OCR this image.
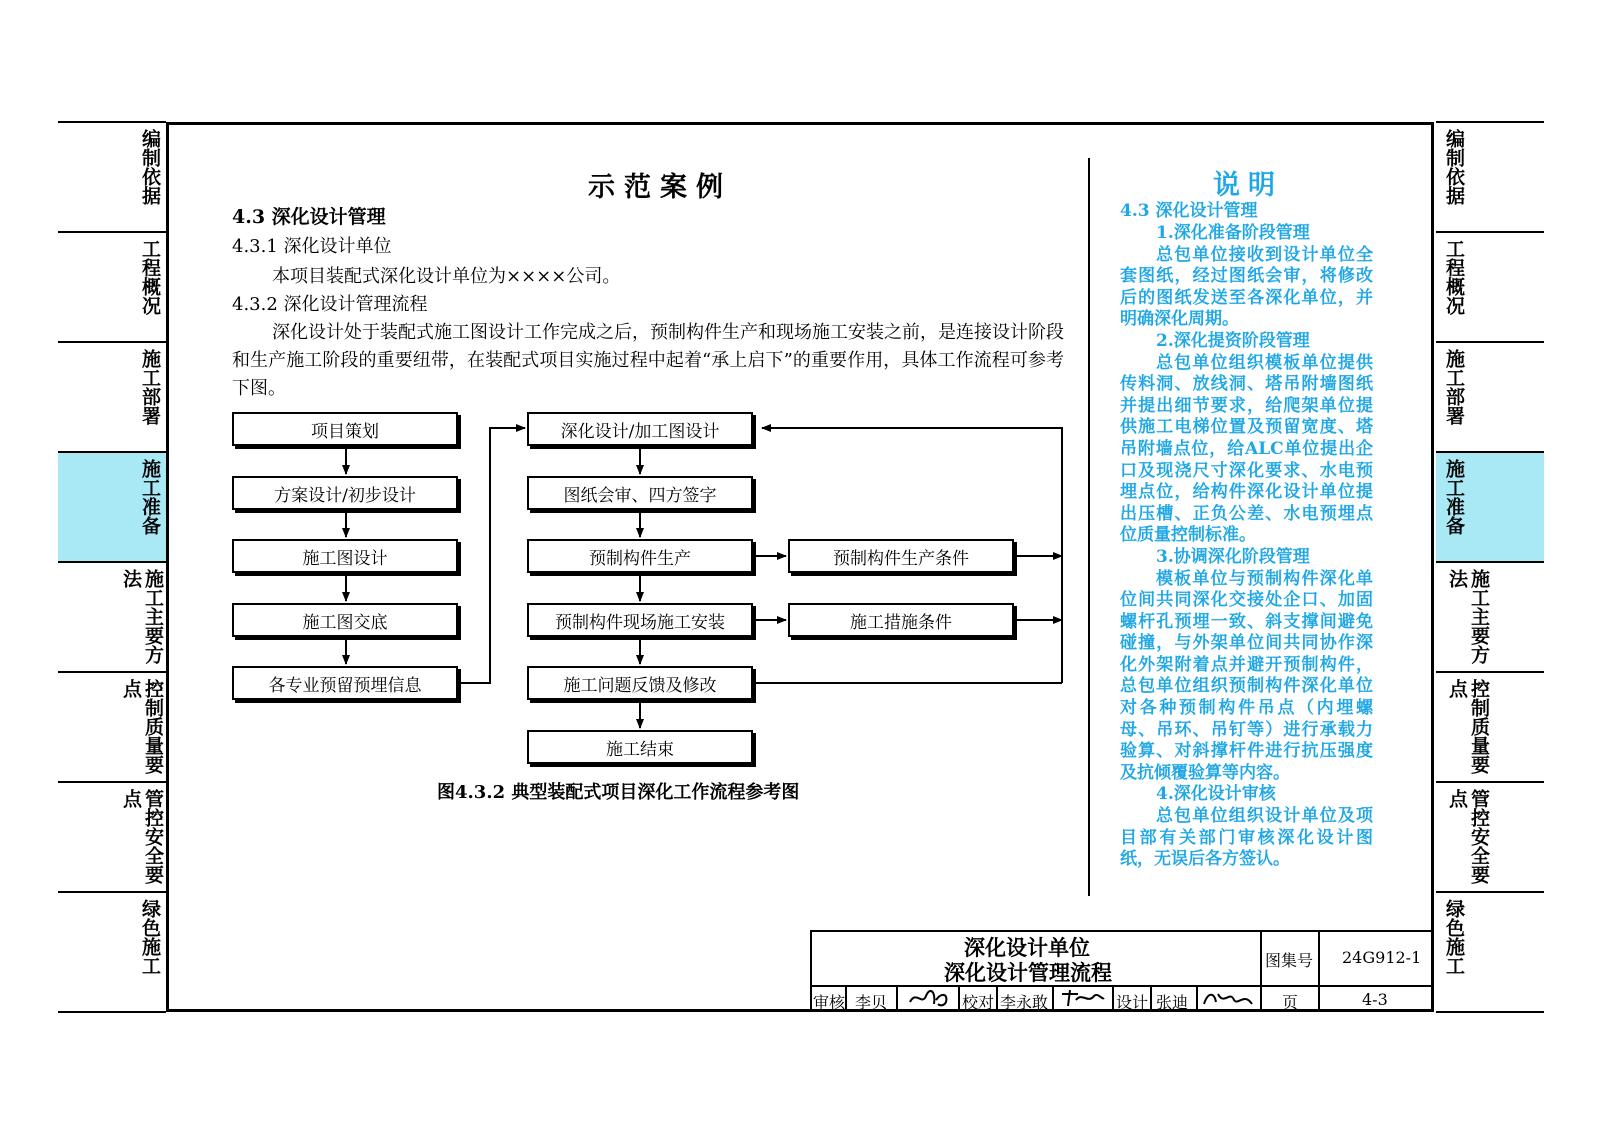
编制依据
工程概况
施工部署
施工准备
施工主要方法
控制质量要点
管控安全要点
绿色施工
编制依据
工程概况
施工部署
施工准备
施工主要方法
控制质量要点
管控安全要点
绿色施工
示范案例
4.3 深化设计管理
4.3.1 深化设计单位
本项目装配式深化设计单位为××××公司。
4.3.2 深化设计管理流程
深化设计处于装配式施工图设计工作完成之后，预制构件生产和现场施工安装之前，是连接设计阶段和生产施工阶段的重要纽带，在装配式项目实施过程中起着“承上启下”的重要作用，具体工作流程可参考下图。
项目策划
方案设计/初步设计
施工图设计
施工图交底
各专业预留预埋信息
深化设计/加工图设计
图纸会审、四方签字
预制构件生产
预制构件现场施工安装
施工问题反馈及修改
施工结束
预制构件生产条件
施工措施条件
图4.3.2 典型装配式项目深化工作流程参考图
说明
4.3 深化设计管理
1.深化准备阶段管理
总包单位接收到设计单位全套图纸，经过图纸会审，将修改后的图纸发送至各深化单位，并明确深化周期。
2.深化提资阶段管理
总包单位组织模板单位提供传料洞、放线洞、塔吊附墙图纸并提出细节要求，给爬架单位提供施工电梯位置及预留宽度、塔吊附墙点位，给ALC单位提出企口及现浇尺寸深化要求、水电预埋点位，给构件深化设计单位提出压槽、正负公差、水电预埋点位质量控制标准。
3.协调深化阶段管理
模板单位与预制构件深化单位间共同深化交接处企口、加固螺杆孔预埋一致、斜支撑间避免碰撞，与外架单位间共同协作深化外架附着点并避开预制构件，总包单位组织预制构件深化单位对各种预制构件吊点（内埋螺母、吊环、吊钉等）进行承载力验算、对斜撑杆件进行抗压强度及抗倾覆验算等内容。
4.深化设计审核
总包单位组织设计单位及项目部有关部门审核深化设计图纸，无误后各方签认。
深化设计单位
深化设计管理流程
图集号 24G912-1
审核 李贝	校对 李永敢	设计 张迪	页	4-3
